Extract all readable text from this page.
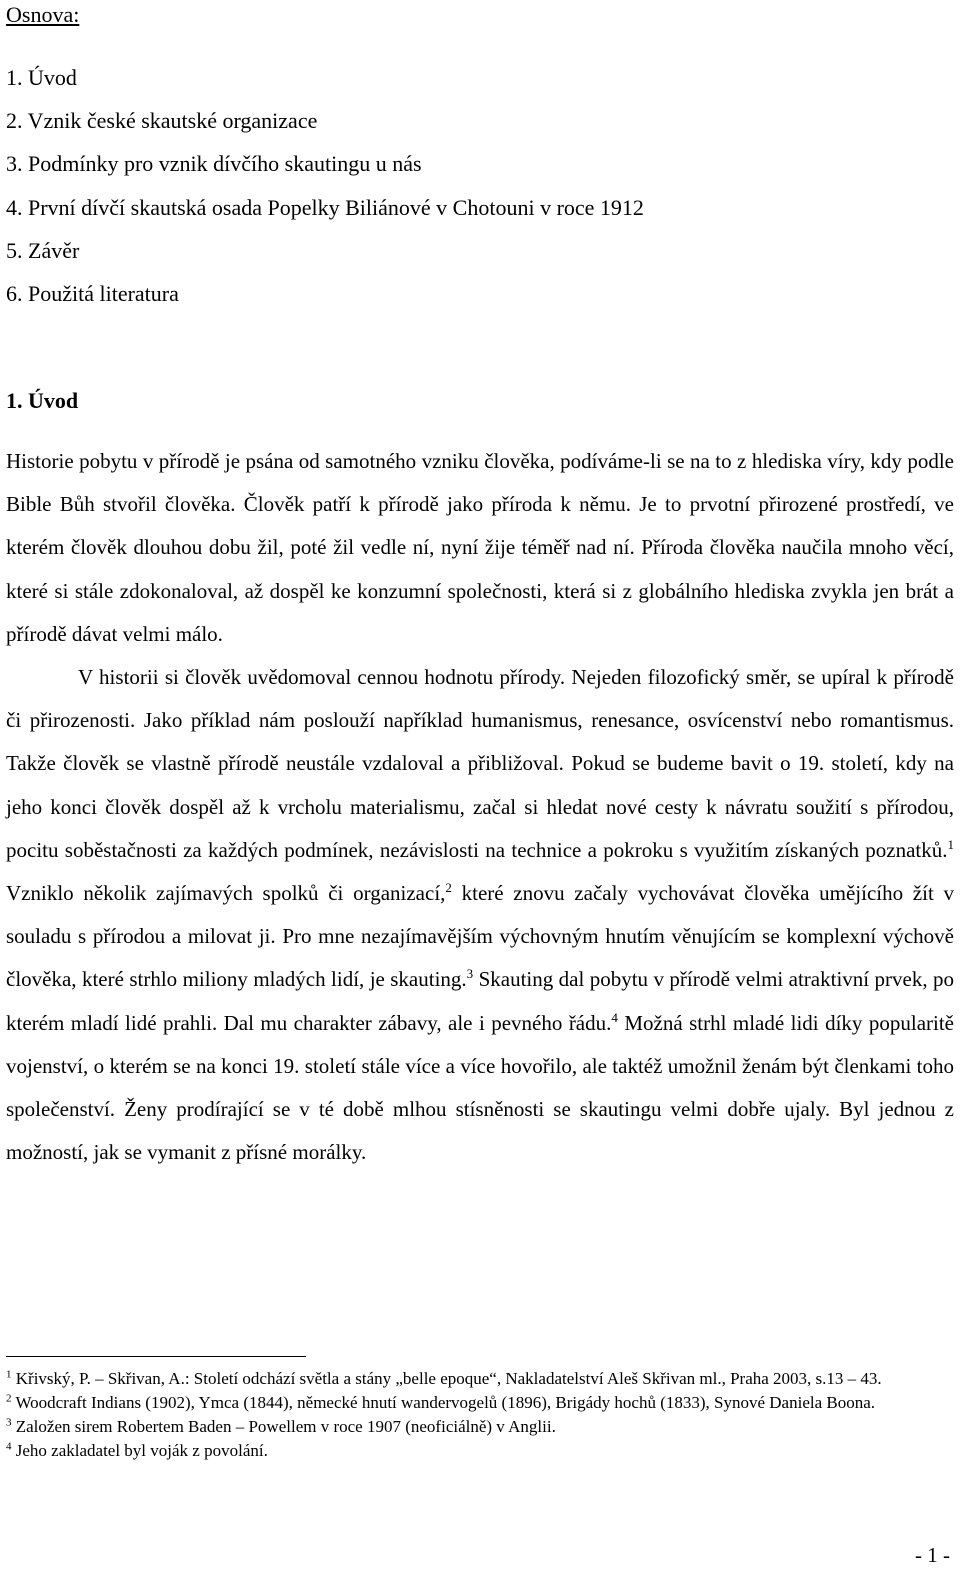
Osnova:
1. Úvod
2. Vznik české skautské organizace
3. Podmínky pro vznik dívčího skautingu u nás
4. První dívčí skautská osada Popelky Biliánové v Chotouni v roce 1912
5. Závěr
6. Použitá literatura
1. Úvod

Historie pobytu v přírodě je psána od samotného vzniku člověka, podíváme-li se na to z hlediska víry, kdy podle Bible Bůh stvořil člověka. Člověk patří k přírodě jako příroda k němu. Je to prvotní přirozené prostředí, ve kterém člověk dlouhou dobu žil, poté žil vedle ní, nyní žije téměř nad ní. Příroda člověka naučila mnoho věcí, které si stále zdokonaloval, až dospěl ke konzumní společnosti, která si z globálního hlediska zvykla jen brát a přírodě dávat velmi málo.

V historii si člověk uvědomoval cennou hodnotu přírody. Nejeden filozofický směr, se upíral k přírodě či přirozenosti. Jako příklad nám poslouží například humanismus, renesance, osvícenství nebo romantismus. Takže člověk se vlastně přírodě neustále vzdaloval a přibližoval. Pokud se budeme bavit o 19. století, kdy na jeho konci člověk dospěl až k vrcholu materialismu, začal si hledat nové cesty k návratu soužití s přírodou, pocitu soběstačnosti za každých podmínek, nezávislosti na technice a pokroku s využitím získaných poznatků.$^1$ Vzniklo několik zajímavých spolků či organizací,$^2$ které znovu začaly vychovávat člověka umějícího žít v souladu s přírodou a milovat ji. Pro mne nezajímavějším výchovným hnutím věnujícím se komplexní výchově člověka, které strhlo miliony mladých lidí, je skauting.$^3$ Skauting dal pobytu v přírodě velmi atraktivní prvek, po kterém mladí lidé prahli. Dal mu charakter zábavy, ale i pevného řádu.$^4$ Možná strhl mladé lidi díky popularitě vojenství, o kterém se na konci 19. století stále více a více hovořilo, ale taktéž umožnil ženám být členkami toho společenství. Ženy prodírající se v té době mlhou stísněnosti se skautingu velmi dobře ujaly. Byl jednou z možností, jak se vymanit z přísné morálky.

$^1$ Křivský, P. – Skřivan, A.: Století odchází světla a stány „belle epoque“, Nakladatelství Aleš Skřivan ml., Praha 2003, s.13 – 43.
$^2$ Woodcraft Indians (1902), Ymca (1844), německé hnutí wandervogelů (1896), Brigády hochů (1833), Synové Daniela Boona.
$^3$ Založen sirem Robertem Baden – Powellem v roce 1907 (neoficiálně) v Anglii.
$^4$ Jeho zakladatel byl voják z povolání.
- 1 -
